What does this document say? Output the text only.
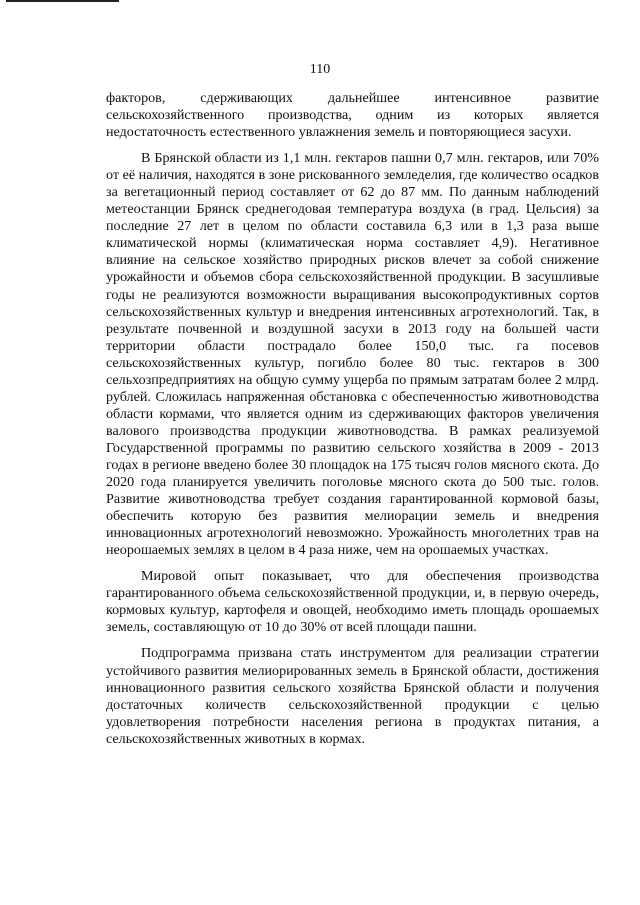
110

факторов, сдерживающих дальнейшее интенсивное развитие сельскохозяйственного производства, одним из которых является недостаточность естественного увлажнения земель и повторяющиеся засухи.

В Брянской области из 1,1 млн. гектаров пашни 0,7 млн. гектаров, или 70% от её наличия, находятся в зоне рискованного земледелия, где количество осадков за вегетационный период составляет от 62 до 87 мм. По данным наблюдений метеостанции Брянск среднегодовая температура воздуха (в град. Цельсия) за последние 27 лет в целом по области составила 6,3 или в 1,3 раза выше климатической нормы (климатическая норма составляет 4,9). Негативное влияние на сельское хозяйство природных рисков влечет за собой снижение урожайности и объемов сбора сельскохозяйственной продукции. В засушливые годы не реализуются возможности выращивания высокопродуктивных сортов сельскохозяйственных культур и внедрения интенсивных агротехнологий. Так, в результате почвенной и воздушной засухи в 2013 году на большей части территории области пострадало более 150,0 тыс. га посевов сельскохозяйственных культур, погибло более 80 тыс. гектаров в 300 сельхозпредприятиях на общую сумму ущерба по прямым затратам более 2 млрд. рублей. Сложилась напряженная обстановка с обеспеченностью животноводства области кормами, что является одним из сдерживающих факторов увеличения валового производства продукции животноводства. В рамках реализуемой Государственной программы по развитию сельского хозяйства в 2009 - 2013 годах в регионе введено более 30 площадок на 175 тысяч голов мясного скота. До 2020 года планируется увеличить поголовье мясного скота до 500 тыс. голов. Развитие животноводства требует создания гарантированной кормовой базы, обеспечить которую без развития мелиорации земель и внедрения инновационных агротехнологий невозможно. Урожайность многолетних трав на неорошаемых землях в целом в 4 раза ниже, чем на орошаемых участках.

Мировой опыт показывает, что для обеспечения производства гарантированного объема сельскохозяйственной продукции, и, в первую очередь, кормовых культур, картофеля и овощей, необходимо иметь площадь орошаемых земель, составляющую от 10 до 30% от всей площади пашни.

Подпрограмма призвана стать инструментом для реализации стратегии устойчивого развития мелиорированных земель в Брянской области, достижения инновационного развития сельского хозяйства Брянской области и получения достаточных количеств сельскохозяйственной продукции с целью удовлетворения потребности населения региона в продуктах питания, а сельскохозяйственных животных в кормах.
